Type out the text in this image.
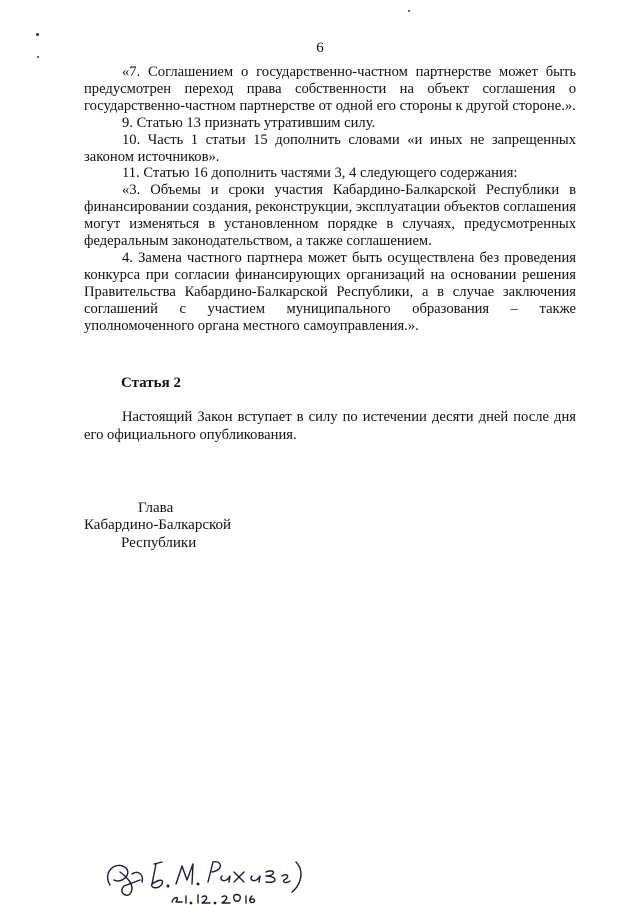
6

«7. Соглашением о государственно-частном партнерстве может быть предусмотрен переход права собственности на объект соглашения о государственно-частном партнерстве от одной его стороны к другой стороне.».

9. Статью 13 признать утратившим силу.

10. Часть 1 статьи 15 дополнить словами «и иных не запрещенных законом источников».

11. Статью 16 дополнить частями 3, 4 следующего содержания:

«3. Объемы и сроки участия Кабардино-Балкарской Республики в финансировании создания, реконструкции, эксплуатации объектов соглашения могут изменяться в установленном порядке в случаях, предусмотренных федеральным законодательством, а также соглашением.

4. Замена частного партнера может быть осуществлена без проведения конкурса при согласии финансирующих организаций на основании решения Правительства Кабардино-Балкарской Республики, а в случае заключения соглашений с участием муниципального образования – также уполномоченного органа местного самоуправления.».

Статья 2

Настоящий Закон вступает в силу по истечении десяти дней после дня его официального опубликования.

Глава
Кабардино-Балкарской
Республики
